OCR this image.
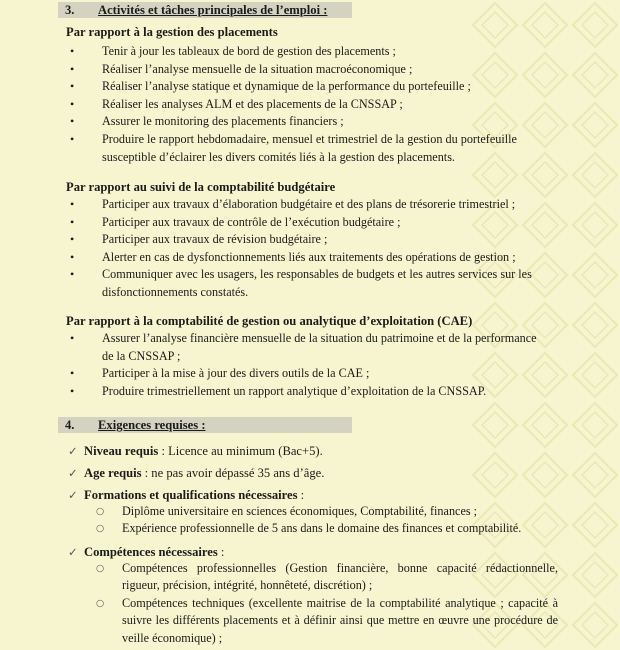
3. Activités et tâches principales de l’emploi :
Par rapport à la gestion des placements
• Tenir à jour les tableaux de bord de gestion des placements ;
• Réaliser l’analyse mensuelle de la situation macroéconomique ;
• Réaliser l’analyse statique et dynamique de la performance du portefeuille ;
• Réaliser les analyses ALM et des placements de la CNSSAP ;
• Assurer le monitoring des placements financiers ;
• Produire le rapport hebdomadaire, mensuel et trimestriel de la gestion du portefeuille susceptible d’éclairer les divers comités liés à la gestion des placements.
Par rapport au suivi de la comptabilité budgétaire
• Participer aux travaux d’élaboration budgétaire et des plans de trésorerie trimestriel ;
• Participer aux travaux de contrôle de l’exécution budgétaire ;
• Participer aux travaux de révision budgétaire ;
• Alerter en cas de dysfonctionnements liés aux traitements des opérations de gestion ;
• Communiquer avec les usagers, les responsables de budgets et les autres services sur les disfonctionnements constatés.
Par rapport à la comptabilité de gestion ou analytique d’exploitation (CAE)
• Assurer l’analyse financière mensuelle de la situation du patrimoine et de la performance de la CNSSAP ;
• Participer à la mise à jour des divers outils de la CAE ;
• Produire trimestriellement un rapport analytique d’exploitation de la CNSSAP.
4. Exigences requises :
✓ Niveau requis : Licence au minimum (Bac+5).
✓ Age requis : ne pas avoir dépassé 35 ans d’âge.
✓ Formations et qualifications nécessaires :
○ Diplôme universitaire en sciences économiques, Comptabilité, finances ;
○ Expérience professionnelle de 5 ans dans le domaine des finances et comptabilité.
✓ Compétences nécessaires :
○ Compétences professionnelles (Gestion financière, bonne capacité rédactionnelle, rigueur, précision, intégrité, honnêteté, discrétion) ;
○ Compétences techniques (excellente maitrise de la comptabilité analytique ; capacité à suivre les différents placements et à définir ainsi que mettre en œuvre une procédure de veille économique) ;
